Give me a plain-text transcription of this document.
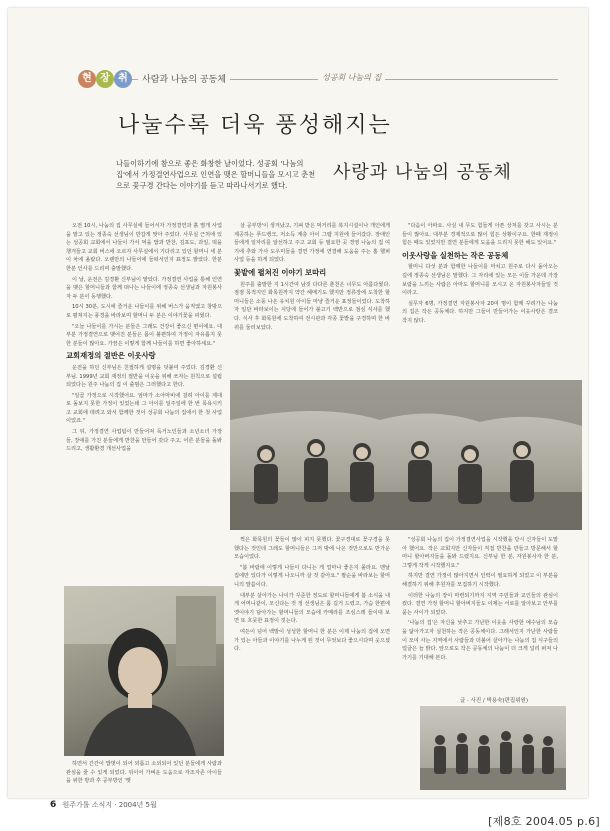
현 장 취	사람과 나눔의 공동체	성공회 나눔의 집
나눌수록 더욱 풍성해지는
나들이하기에 참으로 좋은 화창한 날이었다. 성공회 '나눔의 집'에서 가정결연사업으로 인연을 맺은 할머니들을 모시고 춘천으로 꽃구경 간다는 이야기를 듣고 따라나서기로 했다.
사랑과 나눔의 공동체

오전 10시, 나눔의 집 사무실에 들어서자 가정결연과 흙 별개 사업을 맡고 있는 정종숙 선생님이 반갑게 맞아 주었다. 사무실 근처에 있는 성공회 교회에서 나들이 가서 먹을 밥과 반찬, 김포도, 과일, 떡을 챙겨들고 교회 버스에 오르자 사무실에서 기다리고 있던 할머니 세 분이 차에 올랐다. 오랜만의 나들이에 들떠서인지 표정도 밝았다. 한분 한분 인사를 드리며 출발했다.

이 날, 운전은 김경환 신부님이 맡았다. 가정결연 사업을 통해 인연을 맺은 할머니들과 함께 떠나는 나들이에 정종숙 선생님과 자원봉사자 두 분이 동행했다.

10시 30분, 도시에 즐거운 나들이를 위해 버스가 움직였고 창밖으로 펼쳐지는 풍경을 바라보며 할머니 두 분은 이야기꽃을 피웠다.

"오늘 나들이를 가시는 분들은 그래도 건강이 좋으신 편이에요. 대부분 가정결연으로 맺어진 분들은 몸이 불편하여 가정이 자유롭지 못한 분들이 많아요. 가끔은 이렇게 함께 나들이를 하면 좋아하세요."

교회재정의 절반은 이웃사랑

운전을 하던 신부님은 친절하게 설명을 덧붙여 주었다. 김경환 신부님. 1999년 교회 재정의 절반을 이웃을 위해 쓰자는 원칙으로 설립되었다는 원주 나눔의 집 이 출범은 그러했다고 한다.

"일곱 가정으로 시작했어요. 엄마가 소아마비에 걸려 아이를 제대로 돌보지 못한 가정이 있었는데 그 아이를 일주일에 한 번 목욕시키고 교회에 데려고 와서 함께한 것이 성공회 나눔의 집에서 한 첫 사업이었죠."

그 뒤, 가정결연 사업팀이 만들어져 독거노인들과 소년소녀 가장들, 장애를 가진 분들에게 반찬을 만들어 갖다 주고, 어른 분들을 돌봐 드리고, 생활환경 개선사업을

하면서 간간이 밥벗이 되어 외롭고 소외되어 있던 분들에게 사람과 관심을 줄 수 있게 되었다. 뒤이어 가벼운 도움으로 자조자존 아이들을 위한 방과 후 공부방인 '햇

살 공부방'이 생겨났고, 기펴 받은 먹거리를 복지시설이나 개인에게 제공하는 푸드뱅크, 저소득 계층 아이 그램 지원에 들어갔다. 장애인들에게 일자리를 알선하고 주고 교회 등 필요한 곳 경영 나눔의 집 여기에 추와 가사 도우미들을 결연 가정에 연결해 도움을 주는 홈 헬퍼 사업 등을 하게 되었다.

꽃밭에 펼쳐진 이야기 보따리

원주를 출발한 지 1시간여 남짓 다다른 춘천은 너무도 아름다웠다. 점점 목적지인 화목원까지 약간 헤매기도 했지만 정류장에 도착한 할머니들은 소풍 나온 유치원 아이들 마냥 즐거운 표정들이었다. 도착하자 일단 바라보이는 식당에 들어가 불고기 백반으로 점심 식사를 했다. 식사 후 화목원에 도착하여 전시관과 각종 꽃밭을 구경하며 한 바퀴를 둘러보았다.

찍은 화목원의 꽃들이 많이 피지 못했다. 꽃구경대로 꽃구경을 못했다는 것인데 그래도 할머니들은 그저 밖에 나온 것만으로도 반가운 모습이었다.

"봄 바람에 이렇게 나들이 다니는 게 얼마나 좋은지 몰라요. 맨날 집에만 있다가 이렇게 나오니까 살 것 같아요." 팔순을 바라보는 할머니의 말씀이다.

대부분 살아가는 나이가 꾸준한 정도로 할머니들에게 봄 소식을 내게 어머니같이, 모신다는 것 정 선생님은 툼 길거 드렸고, 가슴 한편에 옛이야기 담아가는 할머니들의 모습에 카메라를 조심스레 들이대 보면 또 흐뭇한 표정이 짓는다.

여든이 넘어 백발이 성성한 할머니 한 분은 이제 나눔의 집에 오면 가 있는 아들과 이야기를 나누게 된 것이 무엇보다 좋으시다며 웃으셨다.

"다음이 아파요. 사실 내 무도 힘들게 아픈 상처를 갖고 사시는 분들이 많아요. 대부분 경제적으로 많이 힘든 상황이구요. 한때 재정이 힘든 때도 있었지만 결연 분들에게 도움을 드리지 못한 해도 있어요."

이웃사랑을 실천하는 작은 공동체

할머니 다섯 분과 함께한 나들이를 마치고 원주로 다시 돌아오는 길에 정종숙 선생님은 말했다. 그 자리에 있는 모든 이들 가운데 가장 보람을 느끼는 사람은 아마도 할머니를 모시고 온 자원봉사자들일 것이라고.

실무자 6명, 가정결연 자원봉사자 20여 명이 함께 꾸려가는 나눔의 집은 작은 공동체다. 하지만 그들이 만들어가는 이웃사랑은 결코 작지 않다.

"성공회 나눔의 집이 가정결연사업을 시작했을 당시 신자들이 도맡아 했어요. 작은 교회지만 신자들이 직접 반찬을 만들고 방문해서 할머니 할아버지들을 돌봐 드렸지요. 신부님 한 분, 자원봉사자 한 분, 그렇게 작게 시작했지요."

하지만 결연 가정이 많아지면서 인력이 필요하게 되었고 이 부분을 해결하기 위해 후원자를 모집하기 시작했다.

이러한 나눔의 장이 마련되기까지 지역 주민들과 교인들의 관심이 컸다. 결연 가정 할머니 할아버지들도 이제는 서로를 알아보고 안부를 묻는 사이가 되었다.

'나눔의 집'은 자신을 낮추고 가난한 이웃을 사랑한 예수님의 모습을 닮아가고자 실천하는 작은 공동체이다. 그래서인지 가난한 사람들이 모여 사는 지역에서 사람들과 더불어 살아가는 나눔의 집 식구들의 얼굴은 늘 밝다. 앞으로도 작은 공동체의 나눔이 더 크게 널리 퍼져 나가기를 기대해 본다.

글 · 사진 / 박용숙(편집위원)
6 원주가톨 소식지 · 2004년 5월
[제8호 2004.05 p.6]
